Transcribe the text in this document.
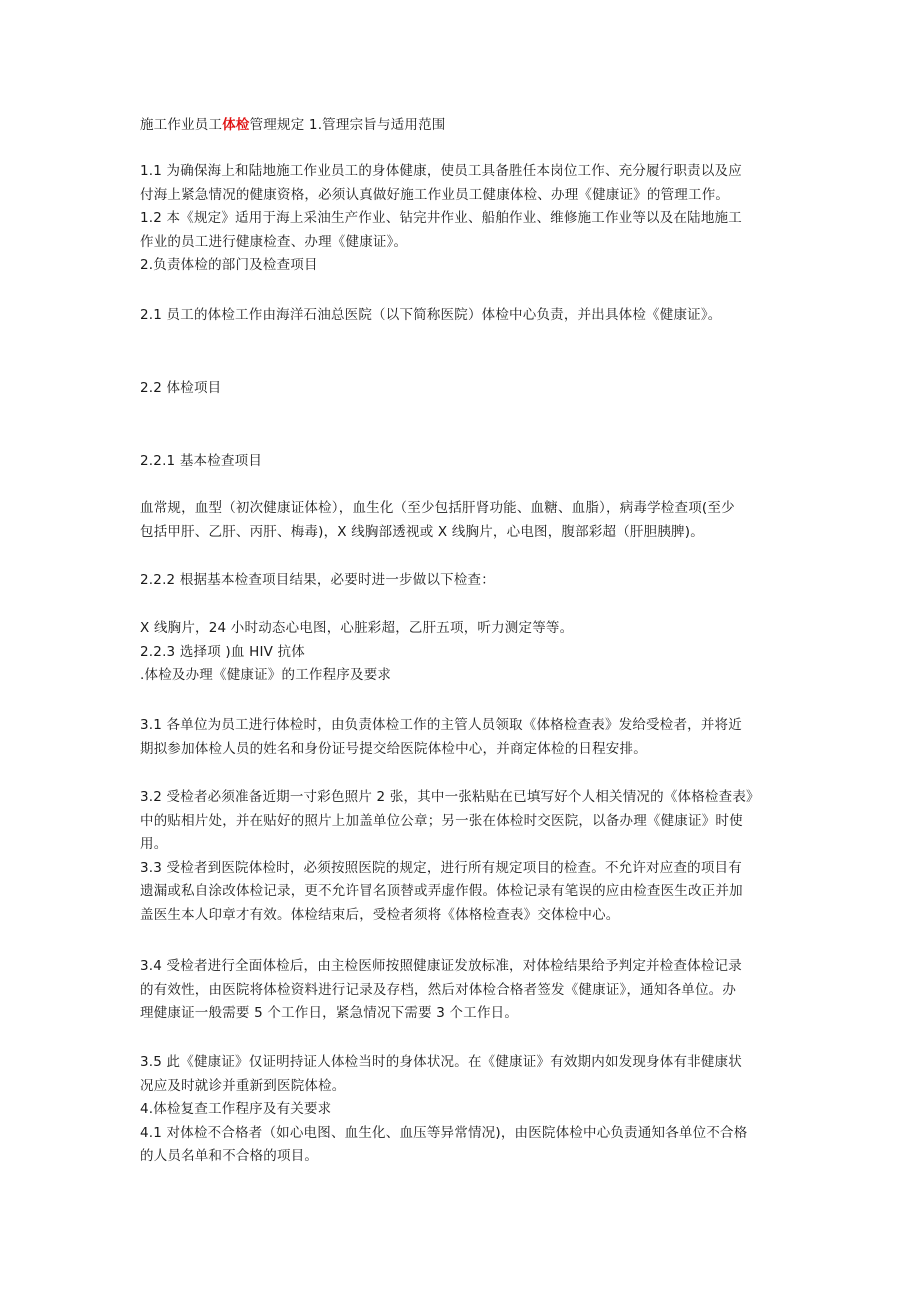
施工作业员工体检管理规定 1.管理宗旨与适用范围
1.1 为确保海上和陆地施工作业员工的身体健康，使员工具备胜任本岗位工作、充分履行职责以及应
付海上紧急情况的健康资格，必须认真做好施工作业员工健康体检、办理《健康证》的管理工作。
1.2 本《规定》适用于海上采油生产作业、钻完井作业、船舶作业、维修施工作业等以及在陆地施工
作业的员工进行健康检查、办理《健康证》。
2.负责体检的部门及检查项目
2.1 员工的体检工作由海洋石油总医院（以下简称医院）体检中心负责，并出具体检《健康证》。
2.2 体检项目
2.2.1 基本检查项目
血常规，血型（初次健康证体检），血生化（至少包括肝肾功能、血糖、血脂），病毒学检查项(至少
包括甲肝、乙肝、丙肝、梅毒)，X 线胸部透视或 X 线胸片，心电图，腹部彩超（肝胆胰脾)。
2.2.2 根据基本检查项目结果，必要时进一步做以下检查：
X 线胸片，24 小时动态心电图，心脏彩超，乙肝五项，听力测定等等。
2.2.3 选择项 )血 HIV 抗体
.体检及办理《健康证》的工作程序及要求
3.1 各单位为员工进行体检时，由负责体检工作的主管人员领取《体格检查表》发给受检者，并将近
期拟参加体检人员的姓名和身份证号提交给医院体检中心，并商定体检的日程安排。
3.2 受检者必须准备近期一寸彩色照片 2 张，其中一张粘贴在已填写好个人相关情况的《体格检查表》
中的贴相片处，并在贴好的照片上加盖单位公章；另一张在体检时交医院，以备办理《健康证》时使
用。
3.3 受检者到医院体检时，必须按照医院的规定，进行所有规定项目的检查。不允许对应查的项目有
遗漏或私自涂改体检记录，更不允许冒名顶替或弄虚作假。体检记录有笔误的应由检查医生改正并加
盖医生本人印章才有效。体检结束后，受检者须将《体格检查表》交体检中心。
3.4 受检者进行全面体检后，由主检医师按照健康证发放标准，对体检结果给予判定并检查体检记录
的有效性，由医院将体检资料进行记录及存档，然后对体检合格者签发《健康证》，通知各单位。办
理健康证一般需要 5 个工作日，紧急情况下需要 3 个工作日。
3.5 此《健康证》仅证明持证人体检当时的身体状况。在《健康证》有效期内如发现身体有非健康状
况应及时就诊并重新到医院体检。
4.体检复查工作程序及有关要求
4.1 对体检不合格者（如心电图、血生化、血压等异常情况)，由医院体检中心负责通知各单位不合格
的人员名单和不合格的项目。
